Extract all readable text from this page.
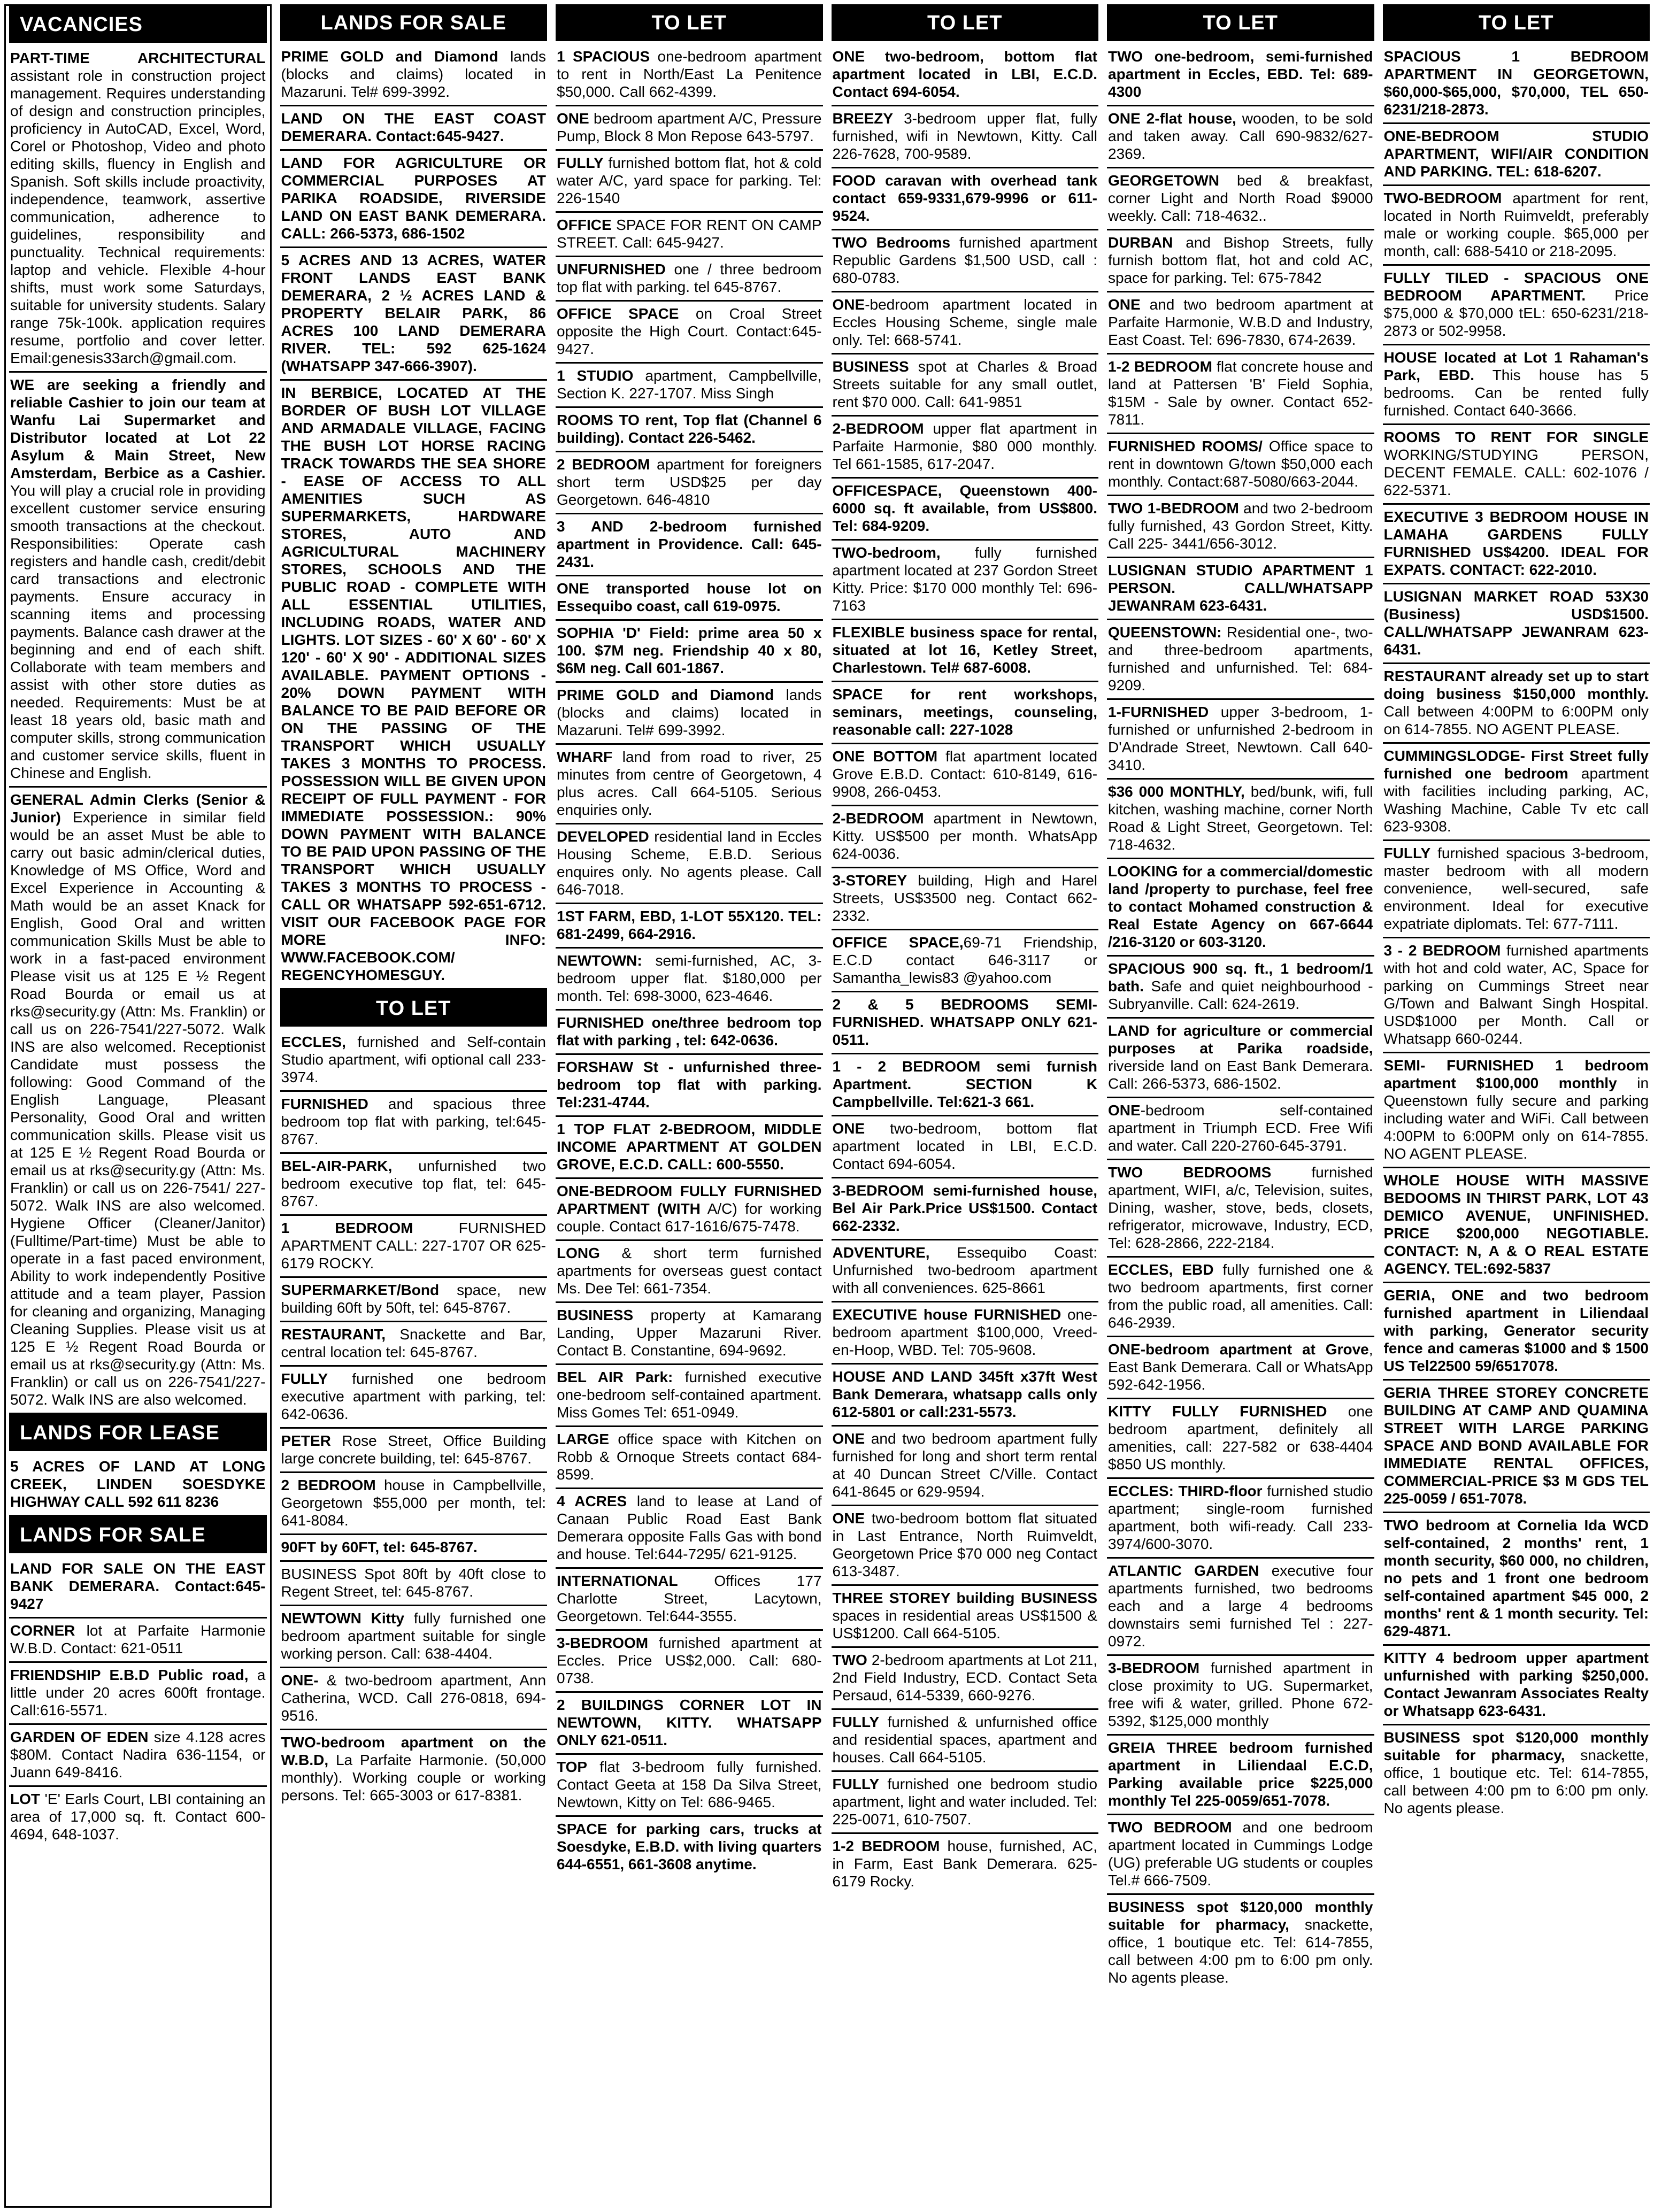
VACANCIES
PART-TIME ARCHITECTURAL assistant role in construction project management. Requires understanding of design and construction principles, proficiency in AutoCAD, Excel, Word, Corel or Photoshop, Video and photo editing skills, fluency in English and Spanish. Soft skills include proactivity, independence, teamwork, assertive communication, adherence to guidelines, responsibility and punctuality. Technical requirements: laptop and vehicle. Flexible 4-hour shifts, must work some Saturdays, suitable for university students. Salary range 75k-100k. application requires resume, portfolio and cover letter. Email:genesis33arch@gmail.com.
WE are seeking a friendly and reliable Cashier to join our team at Wanfu Lai Supermarket and Distributor located at Lot 22 Asylum & Main Street, New Amsterdam, Berbice as a Cashier. You will play a crucial role in providing excellent customer service ensuring smooth transactions at the checkout. Responsibilities: Operate cash registers and handle cash, credit/debit card transactions and electronic payments. Ensure accuracy in scanning items and processing payments. Balance cash drawer at the beginning and end of each shift. Collaborate with team members and assist with other store duties as needed. Requirements: Must be at least 18 years old, basic math and computer skills, strong communication and customer service skills, fluent in Chinese and English.
GENERAL Admin Clerks (Senior & Junior) Experience in similar field would be an asset Must be able to carry out basic admin/clerical duties, Knowledge of MS Office, Word and Excel Experience in Accounting & Math would be an asset Knack for English, Good Oral and written communication Skills Must be able to work in a fast-paced environment Please visit us at 125 E ½ Regent Road Bourda or email us at rks@security.gy (Attn: Ms. Franklin) or call us on 226-7541/227-5072. Walk INS are also welcomed. Receptionist Candidate must possess the following: Good Command of the English Language, Pleasant Personality, Good Oral and written communication skills. Please visit us at 125 E ½ Regent Road Bourda or email us at rks@security.gy (Attn: Ms. Franklin) or call us on 226-7541/ 227-5072. Walk INS are also welcomed. Hygiene Officer (Cleaner/Janitor) (Fulltime/Part-time) Must be able to operate in a fast paced environment, Ability to work independently Positive attitude and a team player, Passion for cleaning and organizing, Managing Cleaning Supplies. Please visit us at 125 E ½ Regent Road Bourda or email us at rks@security.gy (Attn: Ms. Franklin) or call us on 226-7541/227-5072. Walk INS are also welcomed.
LANDS FOR LEASE
5 ACRES OF LAND AT LONG CREEK, LINDEN SOESDYKE HIGHWAY CALL 592 611 8236
LANDS FOR SALE
LAND FOR SALE ON THE EAST BANK DEMERARA. Contact:645-9427
CORNER lot at Parfaite Harmonie W.B.D. Contact: 621-0511
FRIENDSHIP E.B.D Public road, a little under 20 acres 600ft frontage. Call:616-5571.
GARDEN OF EDEN size 4.128 acres $80M. Contact Nadira 636-1154, or Juann 649-8416.
LOT 'E' Earls Court, LBI containing an area of 17,000 sq. ft. Contact 600-4694, 648-1037.
LANDS FOR SALE
PRIME GOLD and Diamond lands (blocks and claims) located in Mazaruni. Tel# 699-3992.
LAND ON THE EAST COAST DEMERARA. Contact:645-9427.
LAND FOR AGRICULTURE OR COMMERCIAL PURPOSES AT PARIKA ROADSIDE, RIVERSIDE LAND ON EAST BANK DEMERARA. CALL: 266-5373, 686-1502
5 ACRES AND 13 ACRES, WATER FRONT LANDS EAST BANK DEMERARA, 2 ½ ACRES LAND & PROPERTY BELAIR PARK, 86 ACRES 100 LAND DEMERARA RIVER. TEL: 592 625-1624 (WHATSAPP 347-666-3907).
IN BERBICE, LOCATED AT THE BORDER OF BUSH LOT VILLAGE AND ARMADALE VILLAGE, FACING THE BUSH LOT HORSE RACING TRACK TOWARDS THE SEA SHORE - EASE OF ACCESS TO ALL AMENITIES SUCH AS SUPERMARKETS, HARDWARE STORES, AUTO AND AGRICULTURAL MACHINERY STORES, SCHOOLS AND THE PUBLIC ROAD - COMPLETE WITH ALL ESSENTIAL UTILITIES, INCLUDING ROADS, WATER AND LIGHTS. LOT SIZES - 60' X 60' - 60' X 120' - 60' X 90' - ADDITIONAL SIZES AVAILABLE. PAYMENT OPTIONS - 20% DOWN PAYMENT WITH BALANCE TO BE PAID BEFORE OR ON THE PASSING OF THE TRANSPORT WHICH USUALLY TAKES 3 MONTHS TO PROCESS. POSSESSION WILL BE GIVEN UPON RECEIPT OF FULL PAYMENT - FOR IMMEDIATE POSSESSION.: 90% DOWN PAYMENT WITH BALANCE TO BE PAID UPON PASSING OF THE TRANSPORT WHICH USUALLY TAKES 3 MONTHS TO PROCESS - CALL OR WHATSAPP 592-651-6712. VISIT OUR FACEBOOK PAGE FOR MORE INFO: WWW.FACEBOOK.COM/ REGENCYHOMESGUY.
TO LET
ECCLES, furnished and Self-contain Studio apartment, wifi optional call 233-3974.
FURNISHED and spacious three bedroom top flat with parking, tel:645-8767.
BEL-AIR-PARK, unfurnished two bedroom executive top flat, tel: 645-8767.
1 BEDROOM FURNISHED APARTMENT CALL: 227-1707 OR 625-6179 ROCKY.
SUPERMARKET/Bond space, new building 60ft by 50ft, tel: 645-8767.
RESTAURANT, Snackette and Bar, central location tel: 645-8767.
FULLY furnished one bedroom executive apartment with parking, tel: 642-0636.
PETER Rose Street, Office Building large concrete building, tel: 645-8767.
2 BEDROOM house in Campbellville, Georgetown $55,000 per month, tel: 641-8084.
90FT by 60FT, tel: 645-8767.
BUSINESS Spot 80ft by 40ft close to Regent Street, tel: 645-8767.
NEWTOWN Kitty fully furnished one bedroom apartment suitable for single working person. Call: 638-4404.
ONE- & two-bedroom apartment, Ann Catherina, WCD. Call 276-0818, 694-9516.
TWO-bedroom apartment on the W.B.D, La Parfaite Harmonie. (50,000 monthly). Working couple or working persons. Tel: 665-3003 or 617-8381.
TO LET
1 SPACIOUS one-bedroom apartment to rent in North/East La Penitence $50,000. Call 662-4399.
ONE bedroom apartment A/C, Pressure Pump, Block 8 Mon Repose 643-5797.
FULLY furnished bottom flat, hot & cold water A/C, yard space for parking. Tel: 226-1540
OFFICE SPACE FOR RENT ON CAMP STREET. Call: 645-9427.
UNFURNISHED one / three bedroom top flat with parking. tel 645-8767.
OFFICE SPACE on Croal Street opposite the High Court. Contact:645-9427.
1 STUDIO apartment, Campbellville, Section K. 227-1707. Miss Singh
ROOMS TO rent, Top flat (Channel 6 building). Contact 226-5462.
2 BEDROOM apartment for foreigners short term USD$25 per day Georgetown. 646-4810
3 AND 2-bedroom furnished apartment in Providence. Call: 645-2431.
ONE transported house lot on Essequibo coast, call 619-0975.
SOPHIA 'D' Field: prime area 50 x 100. $7M neg. Friendship 40 x 80, $6M neg. Call 601-1867.
PRIME GOLD and Diamond lands (blocks and claims) located in Mazaruni. Tel# 699-3992.
WHARF land from road to river, 25 minutes from centre of Georgetown, 4 plus acres. Call 664-5105. Serious enquiries only.
DEVELOPED residential land in Eccles Housing Scheme, E.B.D. Serious enquires only. No agents please. Call 646-7018.
1ST FARM, EBD, 1-LOT 55X120. TEL: 681-2499, 664-2916.
NEWTOWN: semi-furnished, AC, 3-bedroom upper flat. $180,000 per month. Tel: 698-3000, 623-4646.
FURNISHED one/three bedroom top flat with parking , tel: 642-0636.
FORSHAW St - unfurnished three-bedroom top flat with parking. Tel:231-4744.
1 TOP FLAT 2-BEDROOM, MIDDLE INCOME APARTMENT AT GOLDEN GROVE, E.C.D. CALL: 600-5550.
ONE-BEDROOM FULLY FURNISHED APARTMENT (WITH A/C) for working couple. Contact 617-1616/675-7478.
LONG & short term furnished apartments for overseas guest contact Ms. Dee Tel: 661-7354.
BUSINESS property at Kamarang Landing, Upper Mazaruni River. Contact B. Constantine, 694-9692.
BEL AIR Park: furnished executive one-bedroom self-contained apartment. Miss Gomes Tel: 651-0949.
LARGE office space with Kitchen on Robb & Ornoque Streets contact 684-8599.
4 ACRES land to lease at Land of Canaan Public Road East Bank Demerara opposite Falls Gas with bond and house. Tel:644-7295/ 621-9125.
INTERNATIONAL Offices 177 Charlotte Street, Lacytown, Georgetown. Tel:644-3555.
3-BEDROOM furnished apartment at Eccles. Price US$2,000. Call: 680-0738.
2 BUILDINGS CORNER LOT IN NEWTOWN, KITTY. WHATSAPP ONLY 621-0511.
TOP flat 3-bedroom fully furnished. Contact Geeta at 158 Da Silva Street, Newtown, Kitty on Tel: 686-9465.
SPACE for parking cars, trucks at Soesdyke, E.B.D. with living quarters 644-6551, 661-3608 anytime.
TO LET
ONE two-bedroom, bottom flat apartment located in LBI, E.C.D. Contact 694-6054.
BREEZY 3-bedroom upper flat, fully furnished, wifi in Newtown, Kitty. Call 226-7628, 700-9589.
FOOD caravan with overhead tank contact 659-9331,679-9996 or 611-9524.
TWO Bedrooms furnished apartment Republic Gardens $1,500 USD, call : 680-0783.
ONE-bedroom apartment located in Eccles Housing Scheme, single male only. Tel: 668-5741.
BUSINESS spot at Charles & Broad Streets suitable for any small outlet, rent $70 000. Call: 641-9851
2-BEDROOM upper flat apartment in Parfaite Harmonie, $80 000 monthly. Tel 661-1585, 617-2047.
OFFICESPACE, Queenstown 400-6000 sq. ft available, from US$800. Tel: 684-9209.
TWO-bedroom, fully furnished apartment located at 237 Gordon Street Kitty. Price: $170 000 monthly Tel: 696-7163
FLEXIBLE business space for rental, situated at lot 16, Ketley Street, Charlestown. Tel# 687-6008.
SPACE for rent workshops, seminars, meetings, counseling, reasonable call: 227-1028
ONE BOTTOM flat apartment located Grove E.B.D. Contact: 610-8149, 616-9908, 266-0453.
2-BEDROOM apartment in Newtown, Kitty. US$500 per month. WhatsApp 624-0036.
3-STOREY building, High and Harel Streets, US$3500 neg. Contact 662-2332.
OFFICE SPACE,69-71 Friendship, E.C.D contact 646-3117 or Samantha_lewis83 @yahoo.com
2 & 5 BEDROOMS SEMI-FURNISHED. WHATSAPP ONLY 621-0511.
1 - 2 BEDROOM semi furnish Apartment. SECTION K Campbellville. Tel:621-3 661.
ONE two-bedroom, bottom flat apartment located in LBI, E.C.D. Contact 694-6054.
3-BEDROOM semi-furnished house, Bel Air Park.Price US$1500. Contact 662-2332.
ADVENTURE, Essequibo Coast: Unfurnished two-bedroom apartment with all conveniences. 625-8661
EXECUTIVE house FURNISHED one-bedroom apartment $100,000, Vreed-en-Hoop, WBD. Tel: 705-9608.
HOUSE AND LAND 345ft x37ft West Bank Demerara, whatsapp calls only 612-5801 or call:231-5573.
ONE and two bedroom apartment fully furnished for long and short term rental at 40 Duncan Street C/Ville. Contact 641-8645 or 629-9594.
ONE two-bedroom bottom flat situated in Last Entrance, North Ruimveldt, Georgetown Price $70 000 neg Contact 613-3487.
THREE STOREY building BUSINESS spaces in residential areas US$1500 & US$1200. Call 664-5105.
TWO 2-bedroom apartments at Lot 211, 2nd Field Industry, ECD. Contact Seta Persaud, 614-5339, 660-9276.
FULLY furnished & unfurnished office and residential spaces, apartment and houses. Call 664-5105.
FULLY furnished one bedroom studio apartment, light and water included. Tel: 225-0071, 610-7507.
1-2 BEDROOM house, furnished, AC, in Farm, East Bank Demerara. 625-6179 Rocky.
TO LET
TWO one-bedroom, semi-furnished apartment in Eccles, EBD. Tel: 689-4300
ONE 2-flat house, wooden, to be sold and taken away. Call 690-9832/627-2369.
GEORGETOWN bed & breakfast, corner Light and North Road $9000 weekly. Call: 718-4632..
DURBAN and Bishop Streets, fully furnish bottom flat, hot and cold AC, space for parking. Tel: 675-7842
ONE and two bedroom apartment at Parfaite Harmonie, W.B.D and Industry, East Coast. Tel: 696-7830, 674-2639.
1-2 BEDROOM flat concrete house and land at Pattersen 'B' Field Sophia, $15M - Sale by owner. Contact 652-7811.
FURNISHED ROOMS/ Office space to rent in downtown G/town $50,000 each monthly. Contact:687-5080/663-2044.
TWO 1-BEDROOM and two 2-bedroom fully furnished, 43 Gordon Street, Kitty. Call 225- 3441/656-3012.
LUSIGNAN STUDIO APARTMENT 1 PERSON. CALL/WHATSAPP JEWANRAM 623-6431.
QUEENSTOWN: Residential one-, two- and three-bedroom apartments, furnished and unfurnished. Tel: 684-9209.
1-FURNISHED upper 3-bedroom, 1-furnished or unfurnished 2-bedroom in D'Andrade Street, Newtown. Call 640-3410.
$36 000 MONTHLY, bed/bunk, wifi, full kitchen, washing machine, corner North Road & Light Street, Georgetown. Tel: 718-4632.
LOOKING for a commercial/domestic land /property to purchase, feel free to contact Mohamed construction & Real Estate Agency on 667-6644 /216-3120 or 603-3120.
SPACIOUS 900 sq. ft., 1 bedroom/1 bath. Safe and quiet neighbourhood - Subryanville. Call: 624-2619.
LAND for agriculture or commercial purposes at Parika roadside, riverside land on East Bank Demerara. Call: 266-5373, 686-1502.
ONE-bedroom self-contained apartment in Triumph ECD. Free Wifi and water. Call 220-2760-645-3791.
TWO BEDROOMS furnished apartment, WIFI, a/c, Television, suites, Dining, washer, stove, beds, closets, refrigerator, microwave, Industry, ECD, Tel: 628-2866, 222-2184.
ECCLES, EBD fully furnished one & two bedroom apartments, first corner from the public road, all amenities. Call: 646-2939.
ONE-bedroom apartment at Grove, East Bank Demerara. Call or WhatsApp 592-642-1956.
KITTY FULLY FURNISHED one bedroom apartment, definitely all amenities, call: 227-582 or 638-4404 $850 US monthly.
ECCLES: THIRD-floor furnished studio apartment; single-room furnished apartment, both wifi-ready. Call 233-3974/600-3070.
ATLANTIC GARDEN executive four apartments furnished, two bedrooms each and a large 4 bedrooms downstairs semi furnished Tel : 227-0972.
3-BEDROOM furnished apartment in close proximity to UG. Supermarket, free wifi & water, grilled. Phone 672-5392, $125,000 monthly
GREIA THREE bedroom furnished apartment in Liliendaal E.C.D, Parking available price $225,000 monthly Tel 225-0059/651-7078.
TWO BEDROOM and one bedroom apartment located in Cummings Lodge (UG) preferable UG students or couples Tel.# 666-7509.
BUSINESS spot $120,000 monthly suitable for pharmacy, snackette, office, 1 boutique etc. Tel: 614-7855, call between 4:00 pm to 6:00 pm only. No agents please.
TO LET
SPACIOUS 1 BEDROOM APARTMENT IN GEORGETOWN, $60,000-$65,000, $70,000, TEL 650-6231/218-2873.
ONE-BEDROOM STUDIO APARTMENT, WIFI/AIR CONDITION AND PARKING. TEL: 618-6207.
TWO-BEDROOM apartment for rent, located in North Ruimveldt, preferably male or working couple. $65,000 per month, call: 688-5410 or 218-2095.
FULLY TILED - SPACIOUS ONE BEDROOM APARTMENT. Price $75,000 & $70,000 tEL: 650-6231/218-2873 or 502-9958.
HOUSE located at Lot 1 Rahaman's Park, EBD. This house has 5 bedrooms. Can be rented fully furnished. Contact 640-3666.
ROOMS TO RENT FOR SINGLE WORKING/STUDYING PERSON, DECENT FEMALE. CALL: 602-1076 / 622-5371.
EXECUTIVE 3 BEDROOM HOUSE IN LAMAHA GARDENS FULLY FURNISHED US$4200. IDEAL FOR EXPATS. CONTACT: 622-2010.
LUSIGNAN MARKET ROAD 53X30 (Business) USD$1500. CALL/WHATSAPP JEWANRAM 623-6431.
RESTAURANT already set up to start doing business $150,000 monthly. Call between 4:00PM to 6:00PM only on 614-7855. NO AGENT PLEASE.
CUMMINGSLODGE- First Street fully furnished one bedroom apartment with facilities including parking, AC, Washing Machine, Cable Tv etc call 623-9308.
FULLY furnished spacious 3-bedroom, master bedroom with all modern convenience, well-secured, safe environment. Ideal for executive expatriate diplomats. Tel: 677-7111.
3 - 2 BEDROOM furnished apartments with hot and cold water, AC, Space for parking on Cummings Street near G/Town and Balwant Singh Hospital. USD$1000 per Month. Call or Whatsapp 660-0244.
SEMI- FURNISHED 1 bedroom apartment $100,000 monthly in Queenstown fully secure and parking including water and WiFi. Call between 4:00PM to 6:00PM only on 614-7855. NO AGENT PLEASE.
WHOLE HOUSE WITH MASSIVE BEDOOMS IN THIRST PARK, LOT 43 DEMICO AVENUE, UNFINISHED. PRICE $200,000 NEGOTIABLE. CONTACT: N, A & O REAL ESTATE AGENCY. TEL:692-5837
GERIA, ONE and two bedroom furnished apartment in Liliendaal with parking, Generator security fence and cameras $1000 and $ 1500 US Tel22500 59/6517078.
GERIA THREE STOREY CONCRETE BUILDING AT CAMP AND QUAMINA STREET WITH LARGE PARKING SPACE AND BOND AVAILABLE FOR IMMEDIATE RENTAL OFFICES, COMMERCIAL-PRICE $3 M GDS TEL 225-0059 / 651-7078.
TWO bedroom at Cornelia Ida WCD self-contained, 2 months' rent, 1 month security, $60 000, no children, no pets and 1 front one bedroom self-contained apartment $45 000, 2 months' rent & 1 month security. Tel: 629-4871.
KITTY 4 bedroom upper apartment unfurnished with parking $250,000. Contact Jewanram Associates Realty or Whatsapp 623-6431.
BUSINESS spot $120,000 monthly suitable for pharmacy, snackette, office, 1 boutique etc. Tel: 614-7855, call between 4:00 pm to 6:00 pm only. No agents please.
